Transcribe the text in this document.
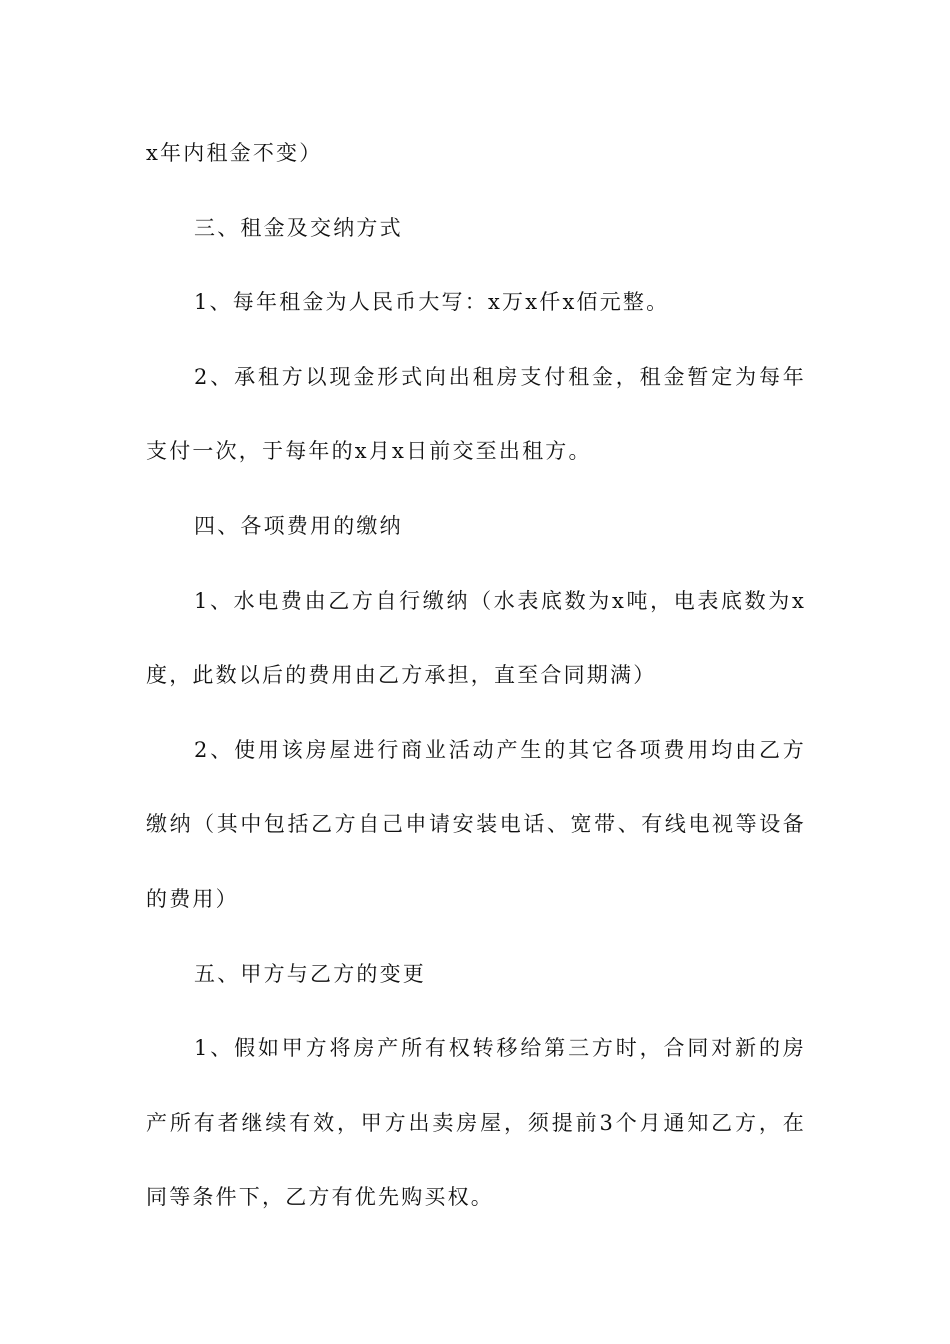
x年内租金不变）

三、租金及交纳方式

1、每年租金为人民币大写：x万x仟x佰元整。

2、承租方以现金形式向出租房支付租金，租金暂定为每年支付一次，于每年的x月x日前交至出租方。

四、各项费用的缴纳

1、水电费由乙方自行缴纳（水表底数为x吨，电表底数为x度，此数以后的费用由乙方承担，直至合同期满）

2、使用该房屋进行商业活动产生的其它各项费用均由乙方缴纳（其中包括乙方自己申请安装电话、宽带、有线电视等设备的费用）

五、甲方与乙方的变更

1、假如甲方将房产所有权转移给第三方时，合同对新的房产所有者继续有效，甲方出卖房屋，须提前3个月通知乙方，在同等条件下，乙方有优先购买权。
